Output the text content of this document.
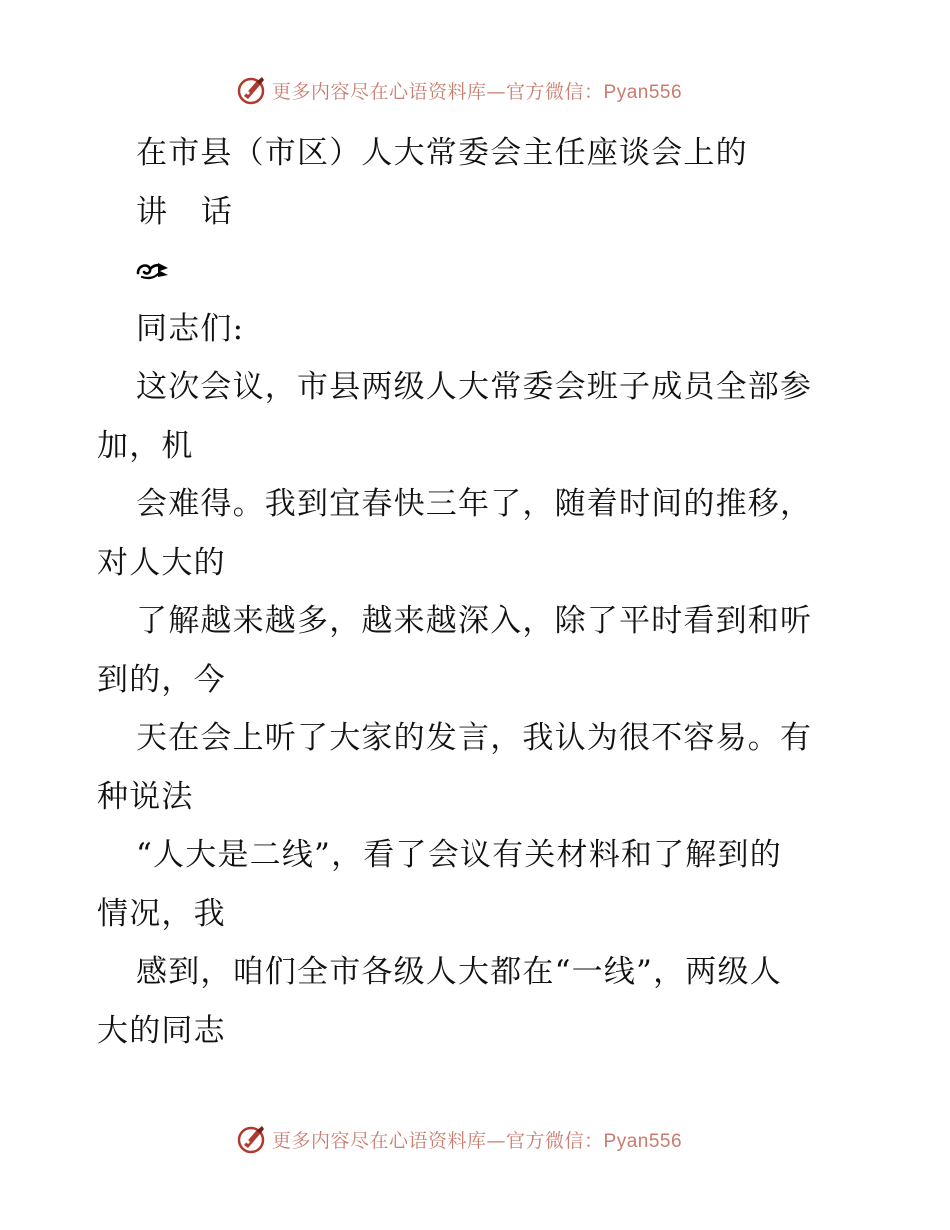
更多内容尽在心语资料库—官方微信：Pyan556
在市县（市区）人大常委会主任座谈会上的
讲 话
同志们:
这次会议，市县两级人大常委会班子成员全部参
加，机
会难得。我到宜春快三年了，随着时间的推移，
对人大的
了解越来越多，越来越深入，除了平时看到和听
到的，今
天在会上听了大家的发言，我认为很不容易。有
种说法
“人大是二线”，看了会议有关材料和了解到的
情况，我
感到，咱们全市各级人大都在“一线”，两级人
大的同志
更多内容尽在心语资料库—官方微信：Pyan556
